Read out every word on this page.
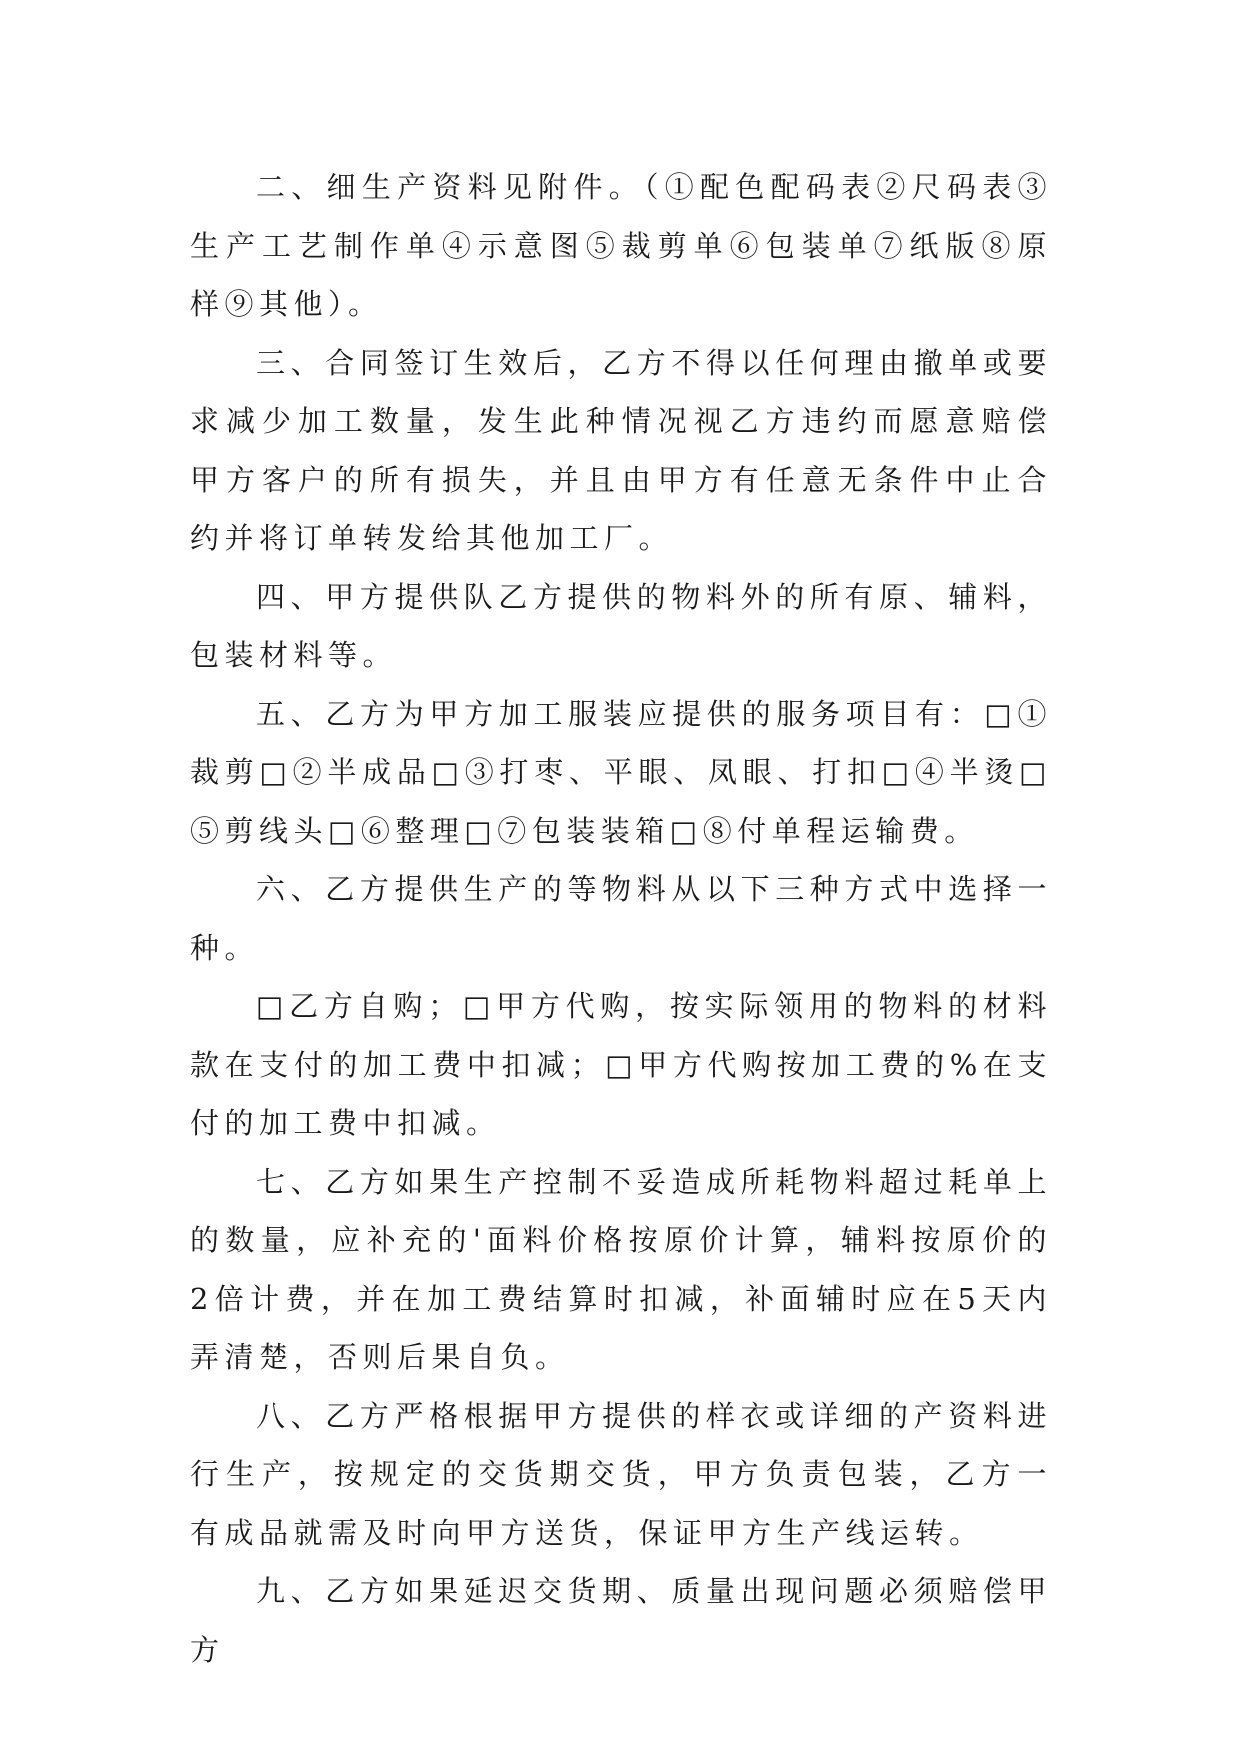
二、细生产资料见附件。（①配色配码表②尺码表③生产工艺制作单④示意图⑤裁剪单⑥包装单⑦纸版⑧原样⑨其他）。

三、合同签订生效后，乙方不得以任何理由撤单或要求减少加工数量，发生此种情况视乙方违约而愿意赔偿甲方客户的所有损失，并且由甲方有任意无条件中止合约并将订单转发给其他加工厂。

四、甲方提供队乙方提供的物料外的所有原、辅料，包装材料等。

五、乙方为甲方加工服装应提供的服务项目有：□①裁剪□②半成品□③打枣、平眼、凤眼、打扣□④半烫□⑤剪线头□⑥整理□⑦包装装箱□⑧付单程运输费。

六、乙方提供生产的等物料从以下三种方式中选择一种。

□乙方自购；□甲方代购，按实际领用的物料的材料款在支付的加工费中扣减；□甲方代购按加工费的%在支付的加工费中扣减。

七、乙方如果生产控制不妥造成所耗物料超过耗单上的数量，应补充的'面料价格按原价计算，辅料按原价的2倍计费，并在加工费结算时扣减，补面辅时应在5天内弄清楚，否则后果自负。

八、乙方严格根据甲方提供的样衣或详细的产资料进行生产，按规定的交货期交货，甲方负责包装，乙方一有成品就需及时向甲方送货，保证甲方生产线运转。

九、乙方如果延迟交货期、质量出现问题必须赔偿甲方
